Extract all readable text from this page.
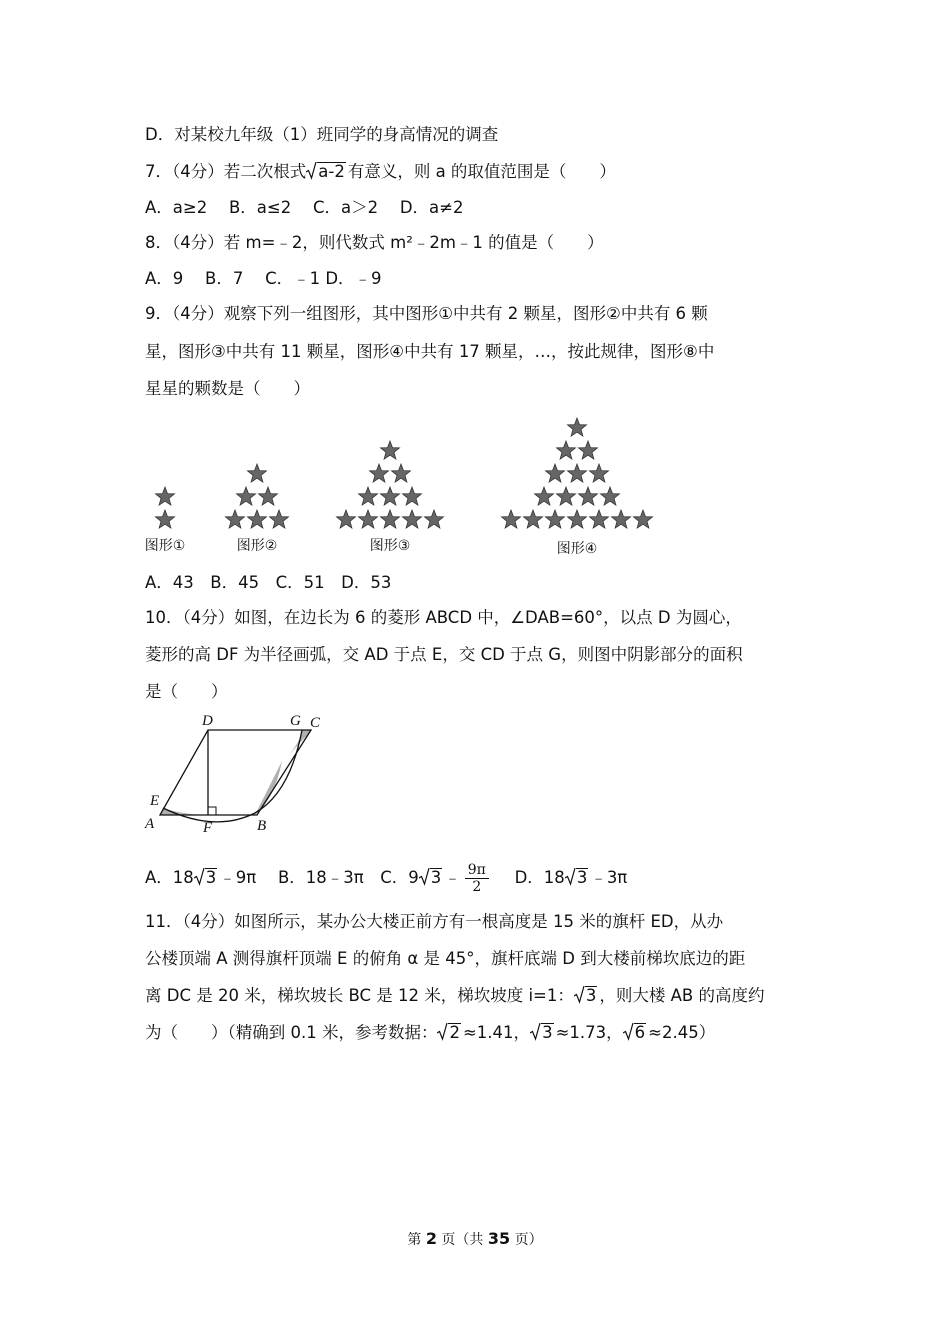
D．对某校九年级（1）班同学的身高情况的调查
7．（4分）若二次根式 a-2 有意义，则 a 的取值范围是（　　）
A．a≥2　 B．a≤2　 C．a＞2　 D．a≠2
8．（4分）若 m=﹣2，则代数式 m²﹣2m﹣1 的值是（　　）
A．9　 B．7　 C．﹣1 D．﹣9
9．（4分）观察下列一组图形，其中图形①中共有 2 颗星，图形②中共有 6 颗
星，图形③中共有 11 颗星，图形④中共有 17 颗星，…，按此规律，图形⑧中
星星的颗数是（　　）
图形①	图形②	图形③	图形④
A．43　B．45　C．51　D．53
10．（4分）如图，在边长为 6 的菱形 ABCD 中，∠DAB=60°，以点 D 为圆心，
菱形的高 DF 为半径画弧，交 AD 于点 E，交 CD 于点 G，则图中阴影部分的面积
是（　　）
D	G C
E
A	F	B
A．18 3 ﹣9π　 B．18﹣3π　C．9 3 ﹣ $\frac{9\pi}{2}$ 　 D．18 3 ﹣3π
11．（4分）如图所示，某办公大楼正前方有一根高度是 15 米的旗杆 ED，从办
公楼顶端 A 测得旗杆顶端 E 的俯角 α 是 45°，旗杆底端 D 到大楼前梯坎底边的距
离 DC 是 20 米，梯坎坡长 BC 是 12 米，梯坎坡度 i=1： 3 ，则大楼 AB 的高度约
为（　　）（精确到 0.1 米，参考数据： 2 ≈1.41， 3 ≈1.73， 6 ≈2.45）
第 2 页（共 35 页）
